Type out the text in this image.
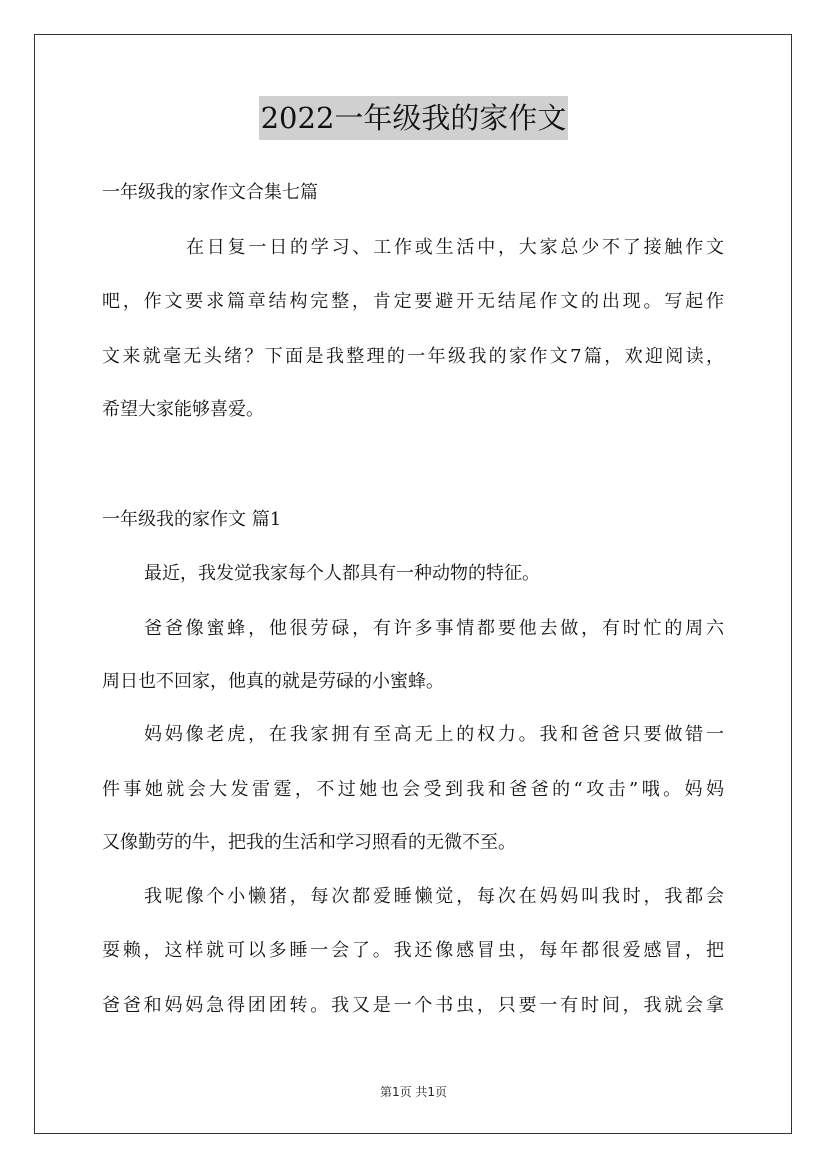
2022一年级我的家作文
一年级我的家作文合集七篇
在日复一日的学习、工作或生活中，大家总少不了接触作文
吧，作文要求篇章结构完整，肯定要避开无结尾作文的出现。写起作
文来就毫无头绪？下面是我整理的一年级我的家作文7篇，欢迎阅读，
希望大家能够喜爱。
一年级我的家作文 篇1
最近，我发觉我家每个人都具有一种动物的特征。
爸爸像蜜蜂，他很劳碌，有许多事情都要他去做，有时忙的周六
周日也不回家，他真的就是劳碌的小蜜蜂。
妈妈像老虎，在我家拥有至高无上的权力。我和爸爸只要做错一
件事她就会大发雷霆，不过她也会受到我和爸爸的“攻击”哦。妈妈
又像勤劳的牛，把我的生活和学习照看的无微不至。
我呢像个小懒猪，每次都爱睡懒觉，每次在妈妈叫我时，我都会
耍赖，这样就可以多睡一会了。我还像感冒虫，每年都很爱感冒，把
爸爸和妈妈急得团团转。我又是一个书虫，只要一有时间，我就会拿
第1页 共1页
